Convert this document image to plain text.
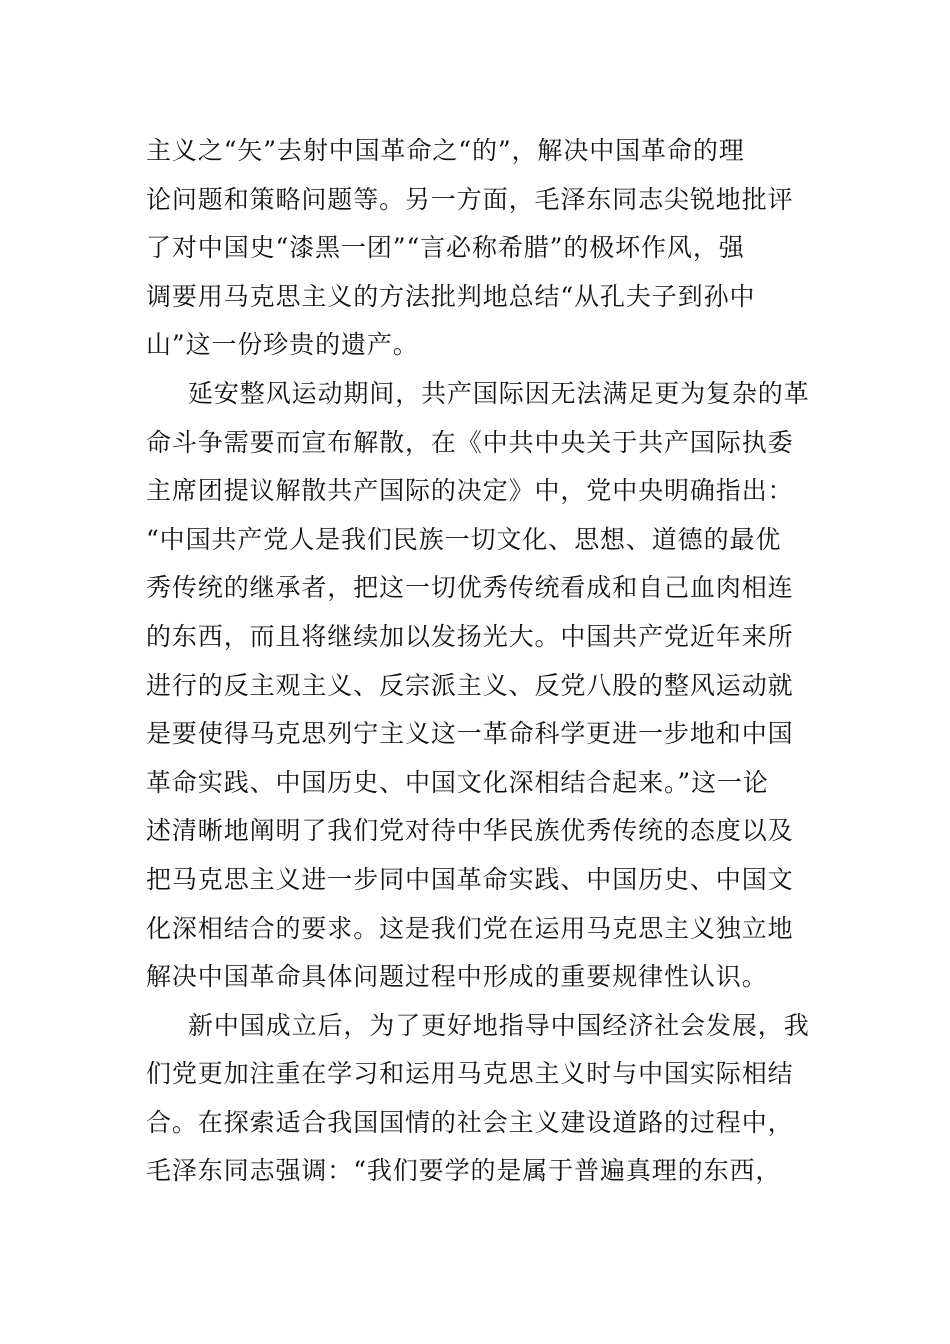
主义之“矢”去射中国革命之“的”，解决中国革命的理
论问题和策略问题等。另一方面，毛泽东同志尖锐地批评
了对中国史“漆黑一团”“言必称希腊”的极坏作风，强
调要用马克思主义的方法批判地总结“从孔夫子到孙中
山”这一份珍贵的遗产。
延安整风运动期间，共产国际因无法满足更为复杂的革
命斗争需要而宣布解散，在《中共中央关于共产国际执委
主席团提议解散共产国际的决定》中，党中央明确指出：
“中国共产党人是我们民族一切文化、思想、道德的最优
秀传统的继承者，把这一切优秀传统看成和自己血肉相连
的东西，而且将继续加以发扬光大。中国共产党近年来所
进行的反主观主义、反宗派主义、反党八股的整风运动就
是要使得马克思列宁主义这一革命科学更进一步地和中国
革命实践、中国历史、中国文化深相结合起来。”这一论
述清晰地阐明了我们党对待中华民族优秀传统的态度以及
把马克思主义进一步同中国革命实践、中国历史、中国文
化深相结合的要求。这是我们党在运用马克思主义独立地
解决中国革命具体问题过程中形成的重要规律性认识。
新中国成立后，为了更好地指导中国经济社会发展，我
们党更加注重在学习和运用马克思主义时与中国实际相结
合。在探索适合我国国情的社会主义建设道路的过程中，
毛泽东同志强调：“我们要学的是属于普遍真理的东西，
